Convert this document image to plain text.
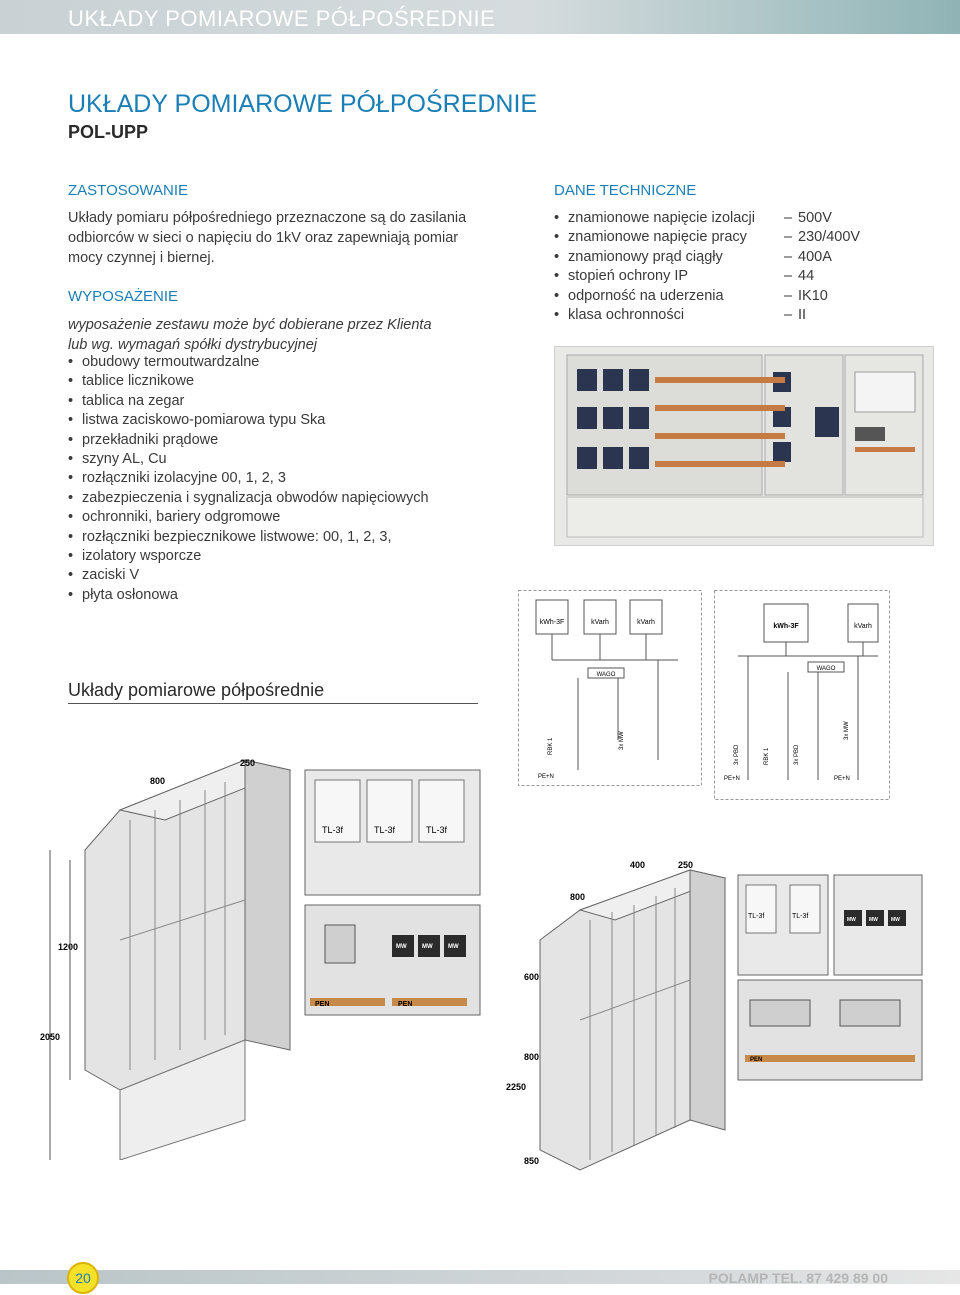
UKŁADY POMIAROWE PÓŁPOŚREDNIE
UKŁADY POMIAROWE PÓŁPOŚREDNIE
POL-UPP
ZASTOSOWANIE
Układy pomiaru półpośredniego przeznaczone są do zasilania
odbiorców w sieci o napięciu do 1kV oraz zapewniają pomiar
mocy czynnej i biernej.
WYPOSAŻENIE
wyposażenie zestawu może być dobierane przez Klienta
lub wg. wymagań spółki dystrybucyjnej
• obudowy termoutwardzalne
• tablice licznikowe
• tablica na zegar
• listwa zaciskowo-pomiarowa typu Ska
• przekładniki prądowe
• szyny AL, Cu
• rozłączniki izolacyjne 00, 1, 2, 3
• zabezpieczenia i sygnalizacja obwodów napięciowych
• ochronniki, bariery odgromowe
• rozłączniki bezpiecznikowe listwowe: 00, 1, 2, 3,
• izolatory wsporcze
• zaciski V
• płyta osłonowa
DANE TECHNICZNE
• znamionowe napięcie izolacji – 500V
• znamionowe napięcie pracy	– 230/400V
• znamionowy prąd ciągły	– 400A
• stopień ochrony IP	– 44
• odporność na uderzenia	– IK10
• klasa ochronności	– II
kWh-3F	kVarh	kVarh
kWh-3F	kVarh
WAGO
WAGO
RBK 1	3x MW
3x PBD	RBK 1	3x PBD
3x MW
PE+N	PE+N	PE+N
Układy pomiarowe półpośrednie
800
250
1200
2050
TL-3f	TL-3f	TL-3f
MW	MW	MW
PEN	PEN
400	250
800
600
800
2250
850
TL-3f	TL-3f	MW	MW	MW
PEN
20	POLAMP TEL. 87 429 89 00
